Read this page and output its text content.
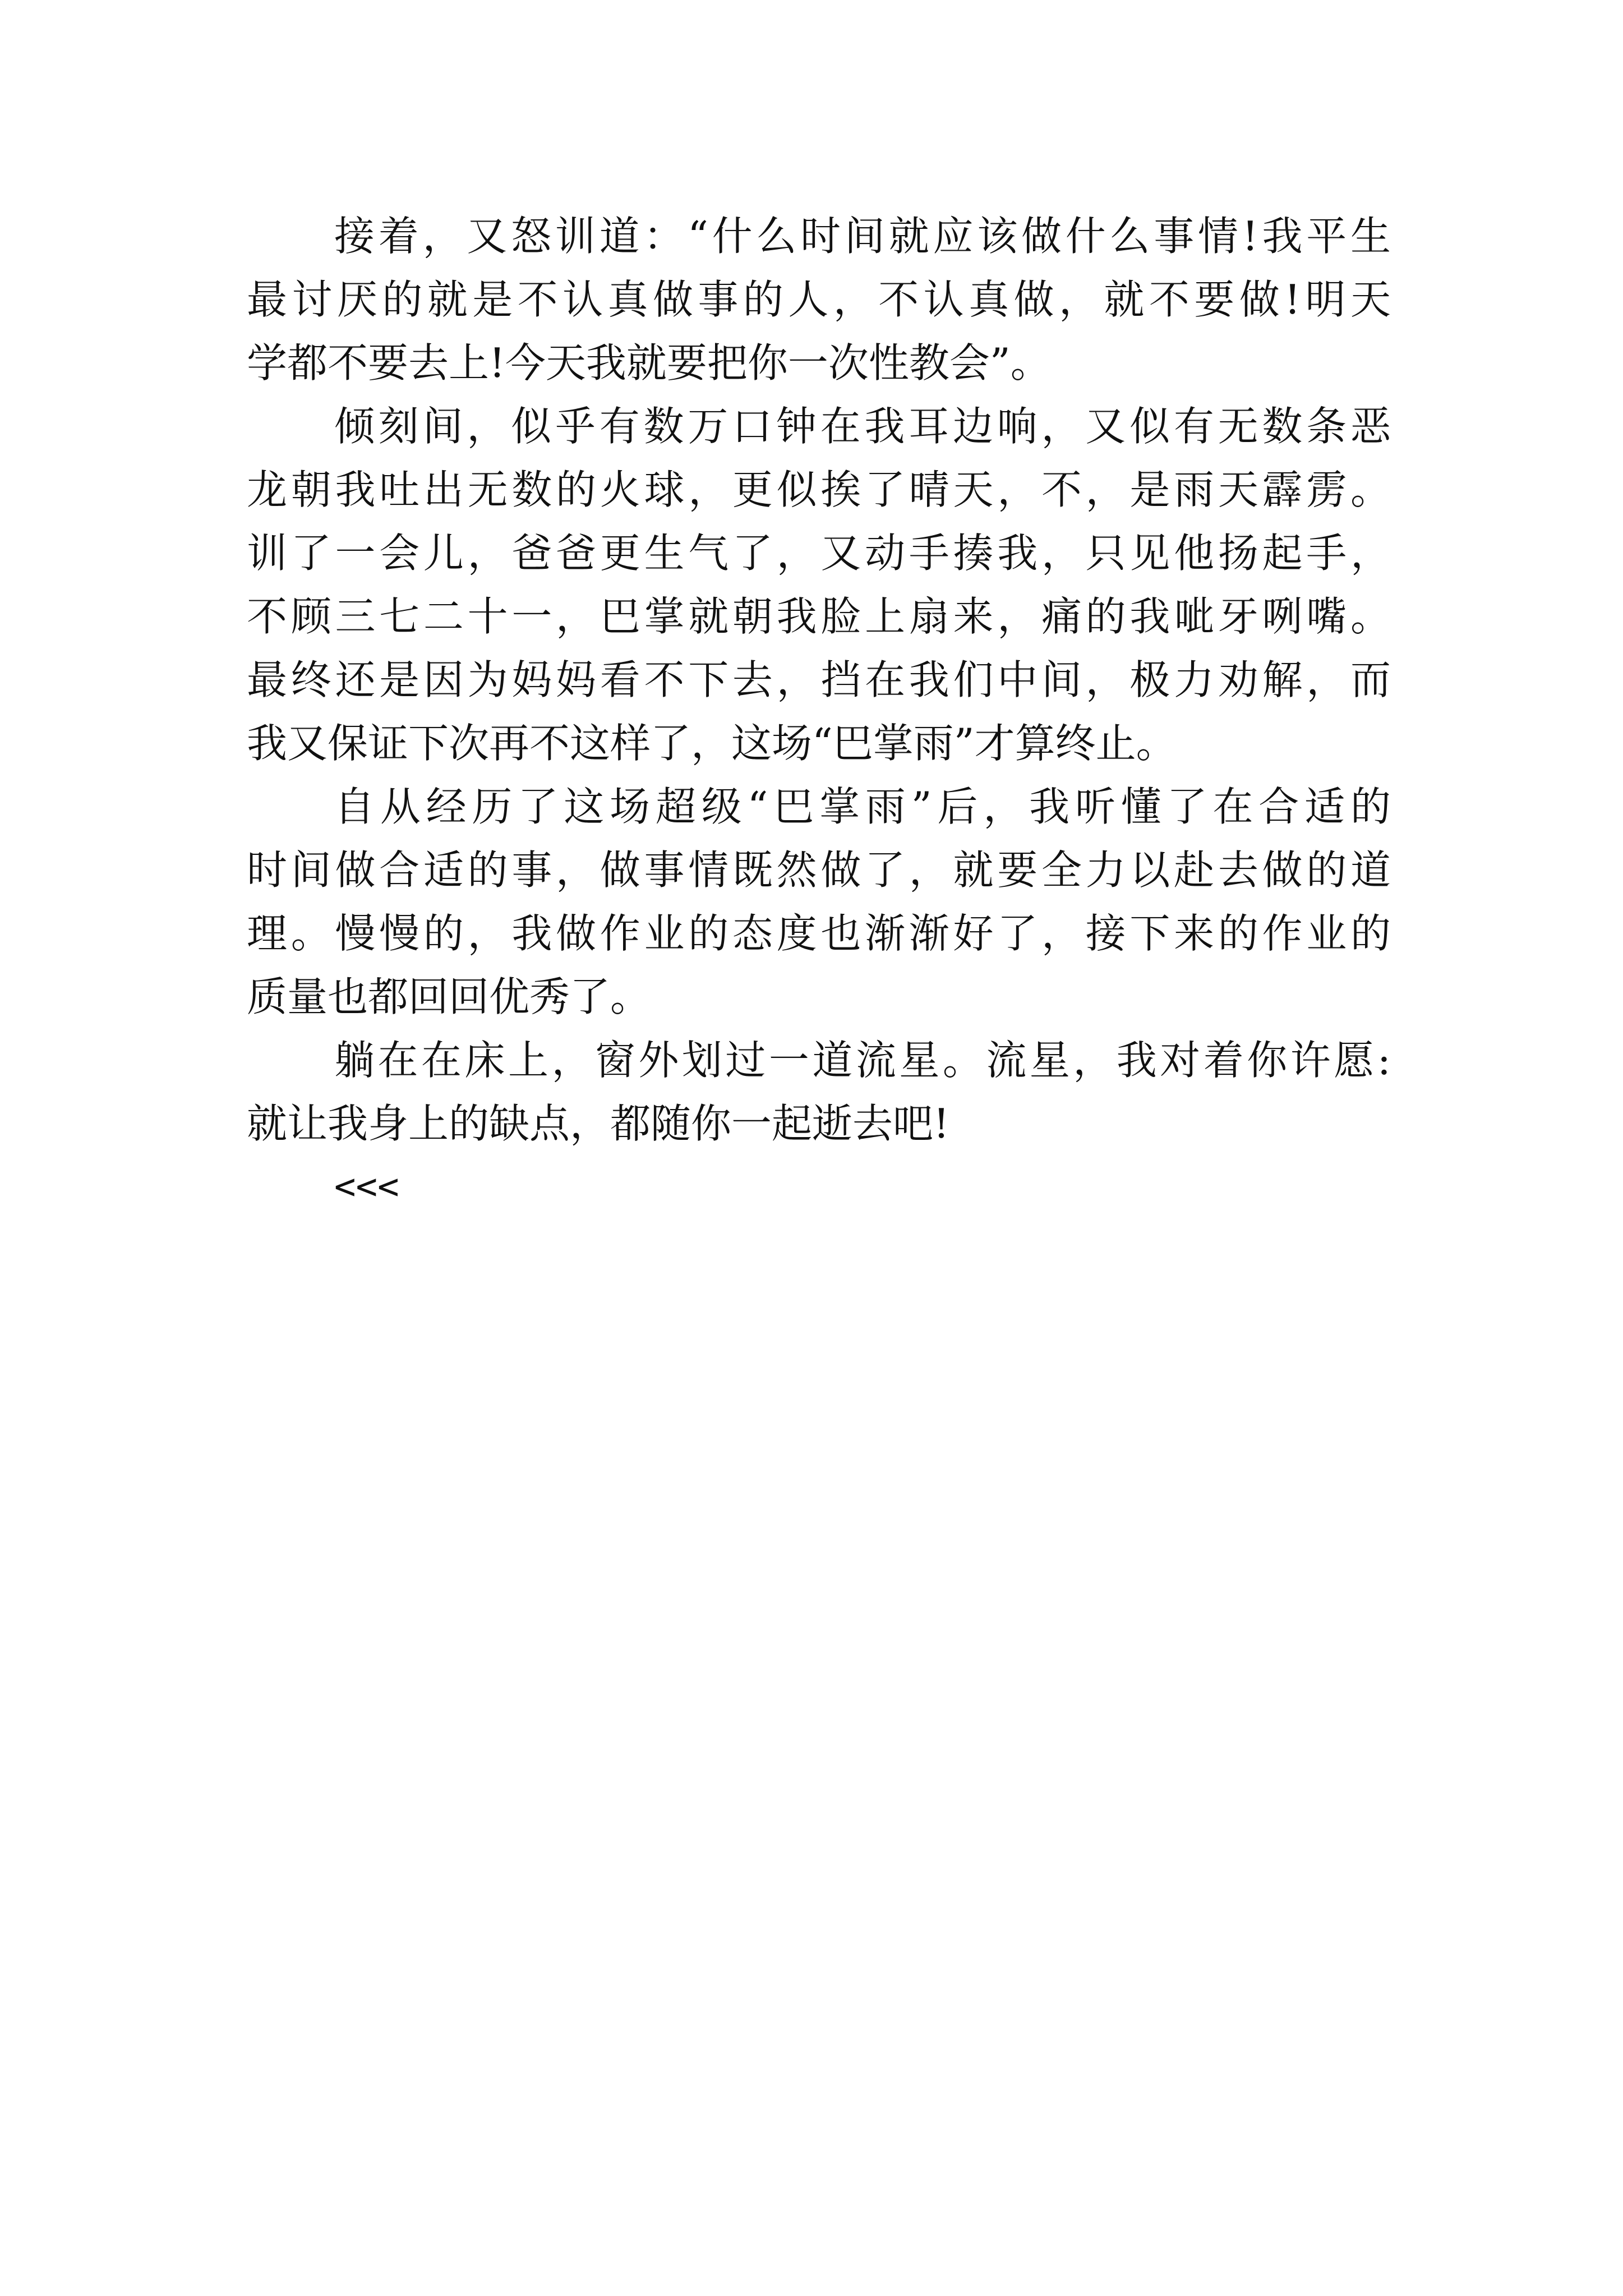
接着，又怒训道：“什么时间就应该做什么事情!我平生
最讨厌的就是不认真做事的人，不认真做，就不要做!明天
学都不要去上!今天我就要把你一次性教会”。
倾刻间，似乎有数万口钟在我耳边响，又似有无数条恶
龙朝我吐出无数的火球，更似挨了晴天，不，是雨天霹雳。
训了一会儿，爸爸更生气了，又动手揍我，只见他扬起手，
不顾三七二十一，巴掌就朝我脸上扇来，痛的我呲牙咧嘴。
最终还是因为妈妈看不下去，挡在我们中间，极力劝解，而
我又保证下次再不这样了，这场“巴掌雨”才算终止。
自从经历了这场超级“巴掌雨”后，我听懂了在合适的
时间做合适的事，做事情既然做了，就要全力以赴去做的道
理。慢慢的，我做作业的态度也渐渐好了，接下来的作业的
质量也都回回优秀了。
躺在在床上，窗外划过一道流星。流星，我对着你许愿:
就让我身上的缺点，都随你一起逝去吧!
<<<
